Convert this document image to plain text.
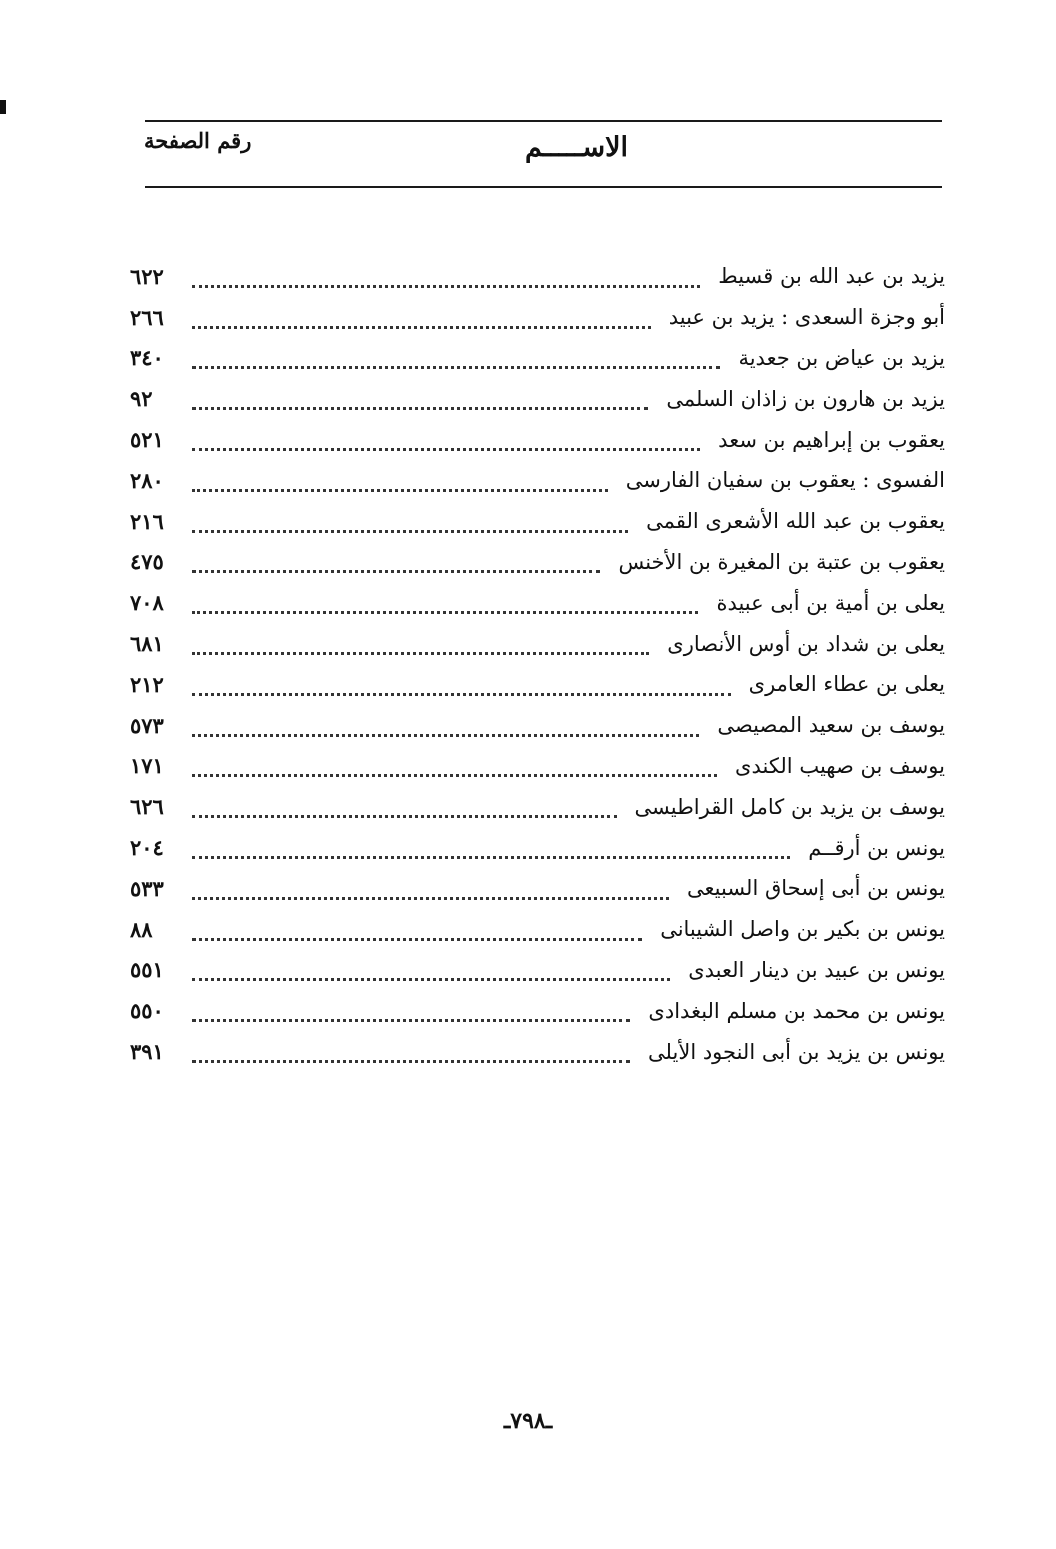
الاســـــم
رقم الصفحة
يزيد بن عبد الله بن قسيط
٦٢٢
أبو وجزة السعدى : يزيد بن عبيد
٢٦٦
يزيد بن عياض بن جعدية
٣٤٠
يزيد بن هارون بن زاذان السلمى
٩٢
يعقوب بن إبراهيم بن سعد
٥٢١
الفسوى : يعقوب بن سفيان الفارسى
٢٨٠
يعقوب بن عبد الله الأشعرى القمى
٢١٦
يعقوب بن عتبة بن المغيرة بن الأخنس
٤٧٥
يعلى بن أمية بن أبى عبيدة
٧٠٨
يعلى بن شداد بن أوس الأنصارى
٦٨١
يعلى بن عطاء العامرى
٢١٢
يوسف بن سعيد المصيصى
٥٧٣
يوسف بن صهيب الكندى
١٧١
يوسف بن يزيد بن كامل القراطيسى
٦٢٦
يونس بن أرقــم
٢٠٤
يونس بن أبى إسحاق السبيعى
٥٣٣
يونس بن بكير بن واصل الشيبانى
٨٨
يونس بن عبيد بن دينار العبدى
٥٥١
يونس بن محمد بن مسلم البغدادى
٥٥٠
يونس بن يزيد بن أبى النجود الأيلى
٣٩١
ـ٧٩٨ـ
